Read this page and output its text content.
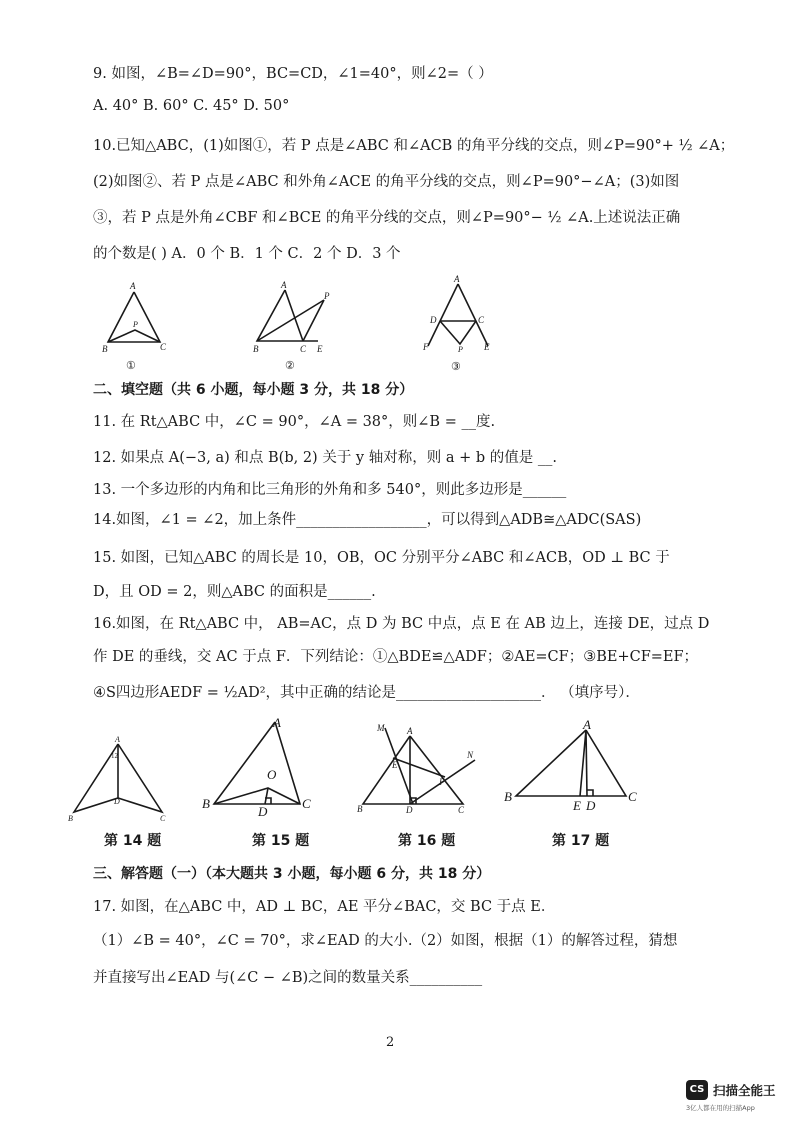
9. 如图，∠B=∠D=90°，BC=CD，∠1=40°，则∠2=（ ）
A. 40° B. 60° C. 45° D. 50°
10.已知△ABC，(1)如图①，若 P 点是∠ABC 和∠ACB 的角平分线的交点，则∠P=90°+ ½ ∠A；
(2)如图②、若 P 点是∠ABC 和外角∠ACE 的角平分线的交点，则∠P=90°−∠A；(3)如图
③，若 P 点是外角∠CBF 和∠BCE 的角平分线的交点，则∠P=90°− ½ ∠A.上述说法正确
的个数是( ) A．0 个 B．1 个 C．2 个 D．3 个
A
B	C
P
①
A
B	C E
P
②
A
D	C
F	E
P
③
二、填空题（共 6 小题，每小题 3 分，共 18 分）
11. 在 Rt△ABC 中，∠C = 90°，∠A = 38°，则∠B = __度.
12. 如果点 A(−3, a) 和点 B(b, 2) 关于 y 轴对称，则 a + b 的值是 __.
13. 一个多边形的内角和比三角形的外角和多 540°，则此多边形是______
14.如图，∠1 = ∠2，加上条件__________________，可以得到△ADB≅△ADC(SAS)
15. 如图，已知△ABC 的周长是 10，OB，OC 分别平分∠ABC 和∠ACB，OD ⊥ BC 于
D，且 OD = 2，则△ABC 的面积是______.
16.如图，在 Rt△ABC 中， AB=AC，点 D 为 BC 中点，点 E 在 AB 边上，连接 DE，过点 D
作 DE 的垂线，交 AC 于点 F．下列结论：①△BDE≌△ADF；②AE=CF；③BE+CF=EF；
④S四边形AEDF = ½AD²，其中正确的结论是____________________． （填序号）．
A
12
D
B	C
A
B	C
D
O
M	A
N
E
F
B	D	C
A
B	C
E D
第 14 题	第 15 题	第 16 题	第 17 题
三、解答题（一）（本大题共 3 小题，每小题 6 分，共 18 分）
17. 如图，在△ABC 中，AD ⊥ BC，AE 平分∠BAC，交 BC 于点 E．
（1）∠B = 40°，∠C = 70°，求∠EAD 的大小.（2）如图，根据（1）的解答过程，猜想
并直接写出∠EAD 与(∠C − ∠B)之间的数量关系__________
2
CS 扫描全能王
3亿人都在用的扫描App
